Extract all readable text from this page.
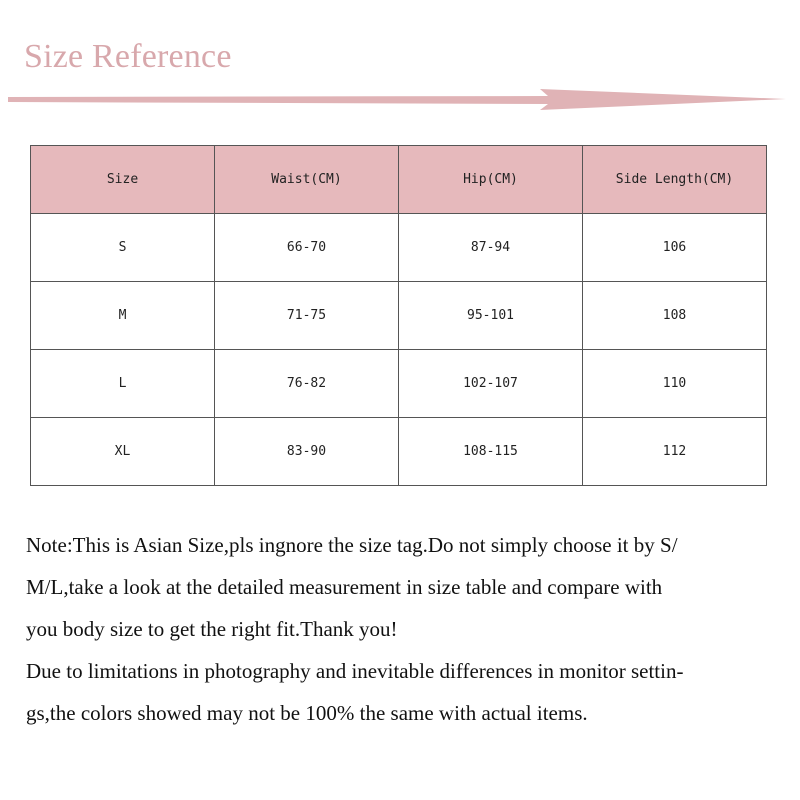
Size Reference
Size	Waist(CM)	Hip(CM)	Side Length(CM)
S	66-70	87-94	106
M	71-75	95-101	108
L	76-82	102-107	110
XL	83-90	108-115	112

Note:This is Asian Size,pls ingnore the size tag.Do not simply choose it by S/

M/L,take a look at the detailed measurement in size table and compare with

you body size to get the right fit.Thank you!

Due to limitations in photography and inevitable differences in monitor settin-

gs,the colors showed may not be 100% the same with actual items.
